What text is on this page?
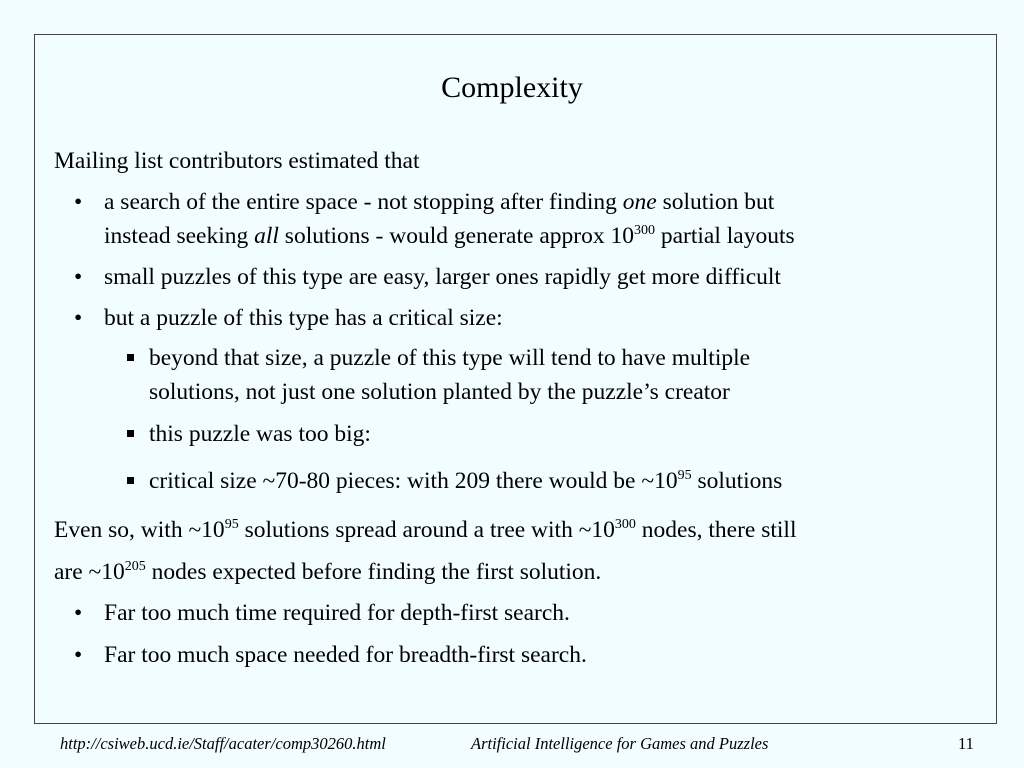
Complexity
Mailing list contributors estimated that
• a search of the entire space - not stopping after finding one solution but
instead seeking all solutions - would generate approx $10^{300}$ partial layouts
• small puzzles of this type are easy, larger ones rapidly get more difficult
• but a puzzle of this type has a critical size:
beyond that size, a puzzle of this type will tend to have multiple
solutions, not just one solution planted by the puzzle’s creator
this puzzle was too big:
critical size ~70-80 pieces: with 209 there would be $\sim 10^{95}$ solutions
Even so, with $\sim 10^{95}$ solutions spread around a tree with $\sim 10^{300}$ nodes, there still
are $\sim 10^{205}$ nodes expected before finding the first solution.
• Far too much time required for depth-first search.
• Far too much space needed for breadth-first search.
http://csiweb.ucd.ie/Staff/acater/comp30260.html	Artificial Intelligence for Games and Puzzles	11
